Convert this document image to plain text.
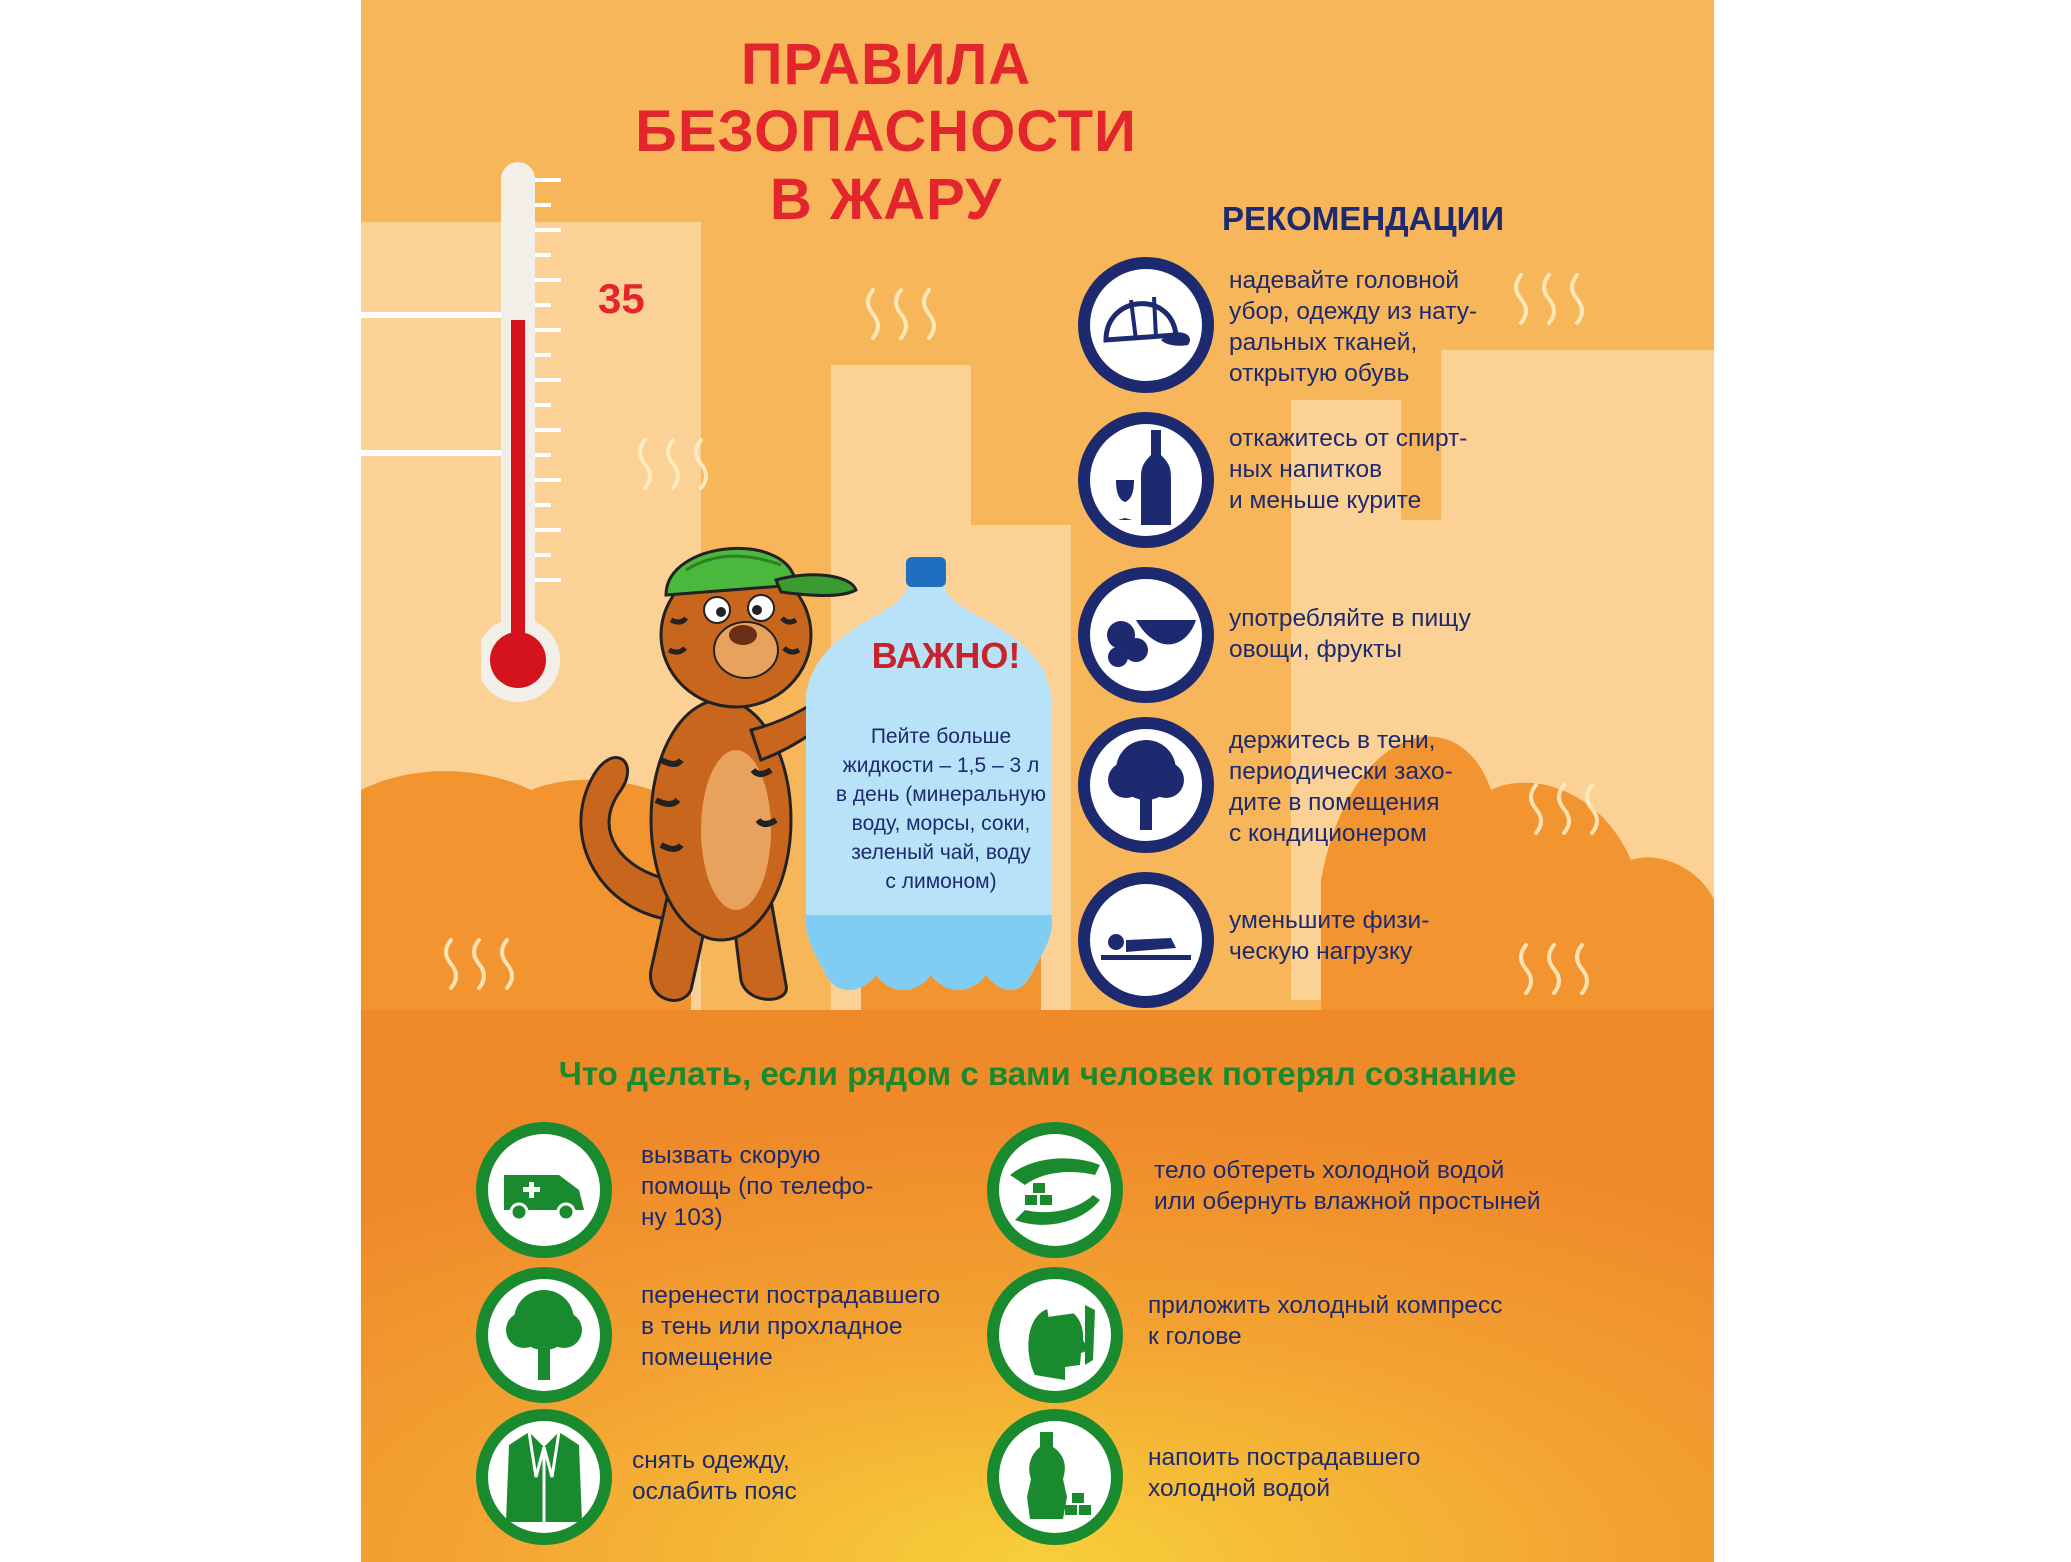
ПРАВИЛА
БЕЗОПАСНОСТИ
В ЖАРУ
35
ВАЖНО!
Пейте больше
жидкости – 1,5 – 3 л
в день (минеральную
воду, морсы, соки,
зеленый чай, воду
с лимоном)
РЕКОМЕНДАЦИИ
надевайте головной
убор, одежду из нату-
ральных тканей,
открытую обувь
откажитесь от спирт-
ных напитков
и меньше курите
употребляйте в пищу
овощи, фрукты
держитесь в тени,
периодически захо-
дите в помещения
с кондиционером
уменьшите физи-
ческую нагрузку
Что делать, если рядом с вами человек потерял сознание
вызвать скорую
помощь (по телефо-
ну 103)
тело обтереть холодной водой
или обернуть влажной простыней
перенести пострадавшего
в тень или прохладное
помещение
приложить холодный компресс
к голове
снять одежду,
ослабить пояс
напоить пострадавшего
холодной водой
